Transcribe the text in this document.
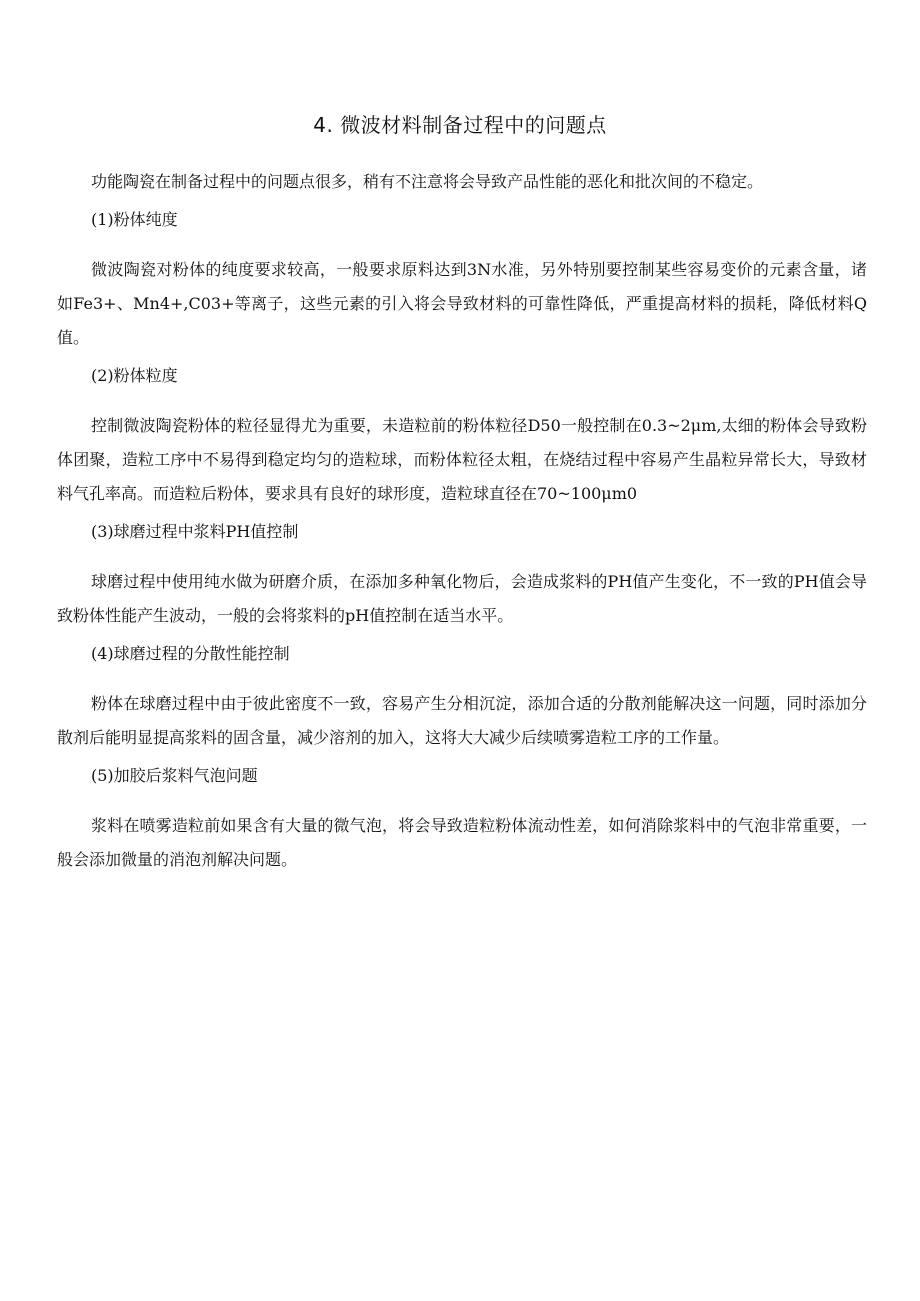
4. 微波材料制备过程中的问题点

功能陶瓷在制备过程中的问题点很多，稍有不注意将会导致产品性能的恶化和批次间的不稳定。

(1)粉体纯度

微波陶瓷对粉体的纯度要求较高，一般要求原料达到3N水准，另外特别要控制某些容易变价的元素含量，诸如Fe3+、Mn4+,C03+等离子，这些元素的引入将会导致材料的可靠性降低，严重提高材料的损耗，降低材料Q值。

(2)粉体粒度

控制微波陶瓷粉体的粒径显得尤为重要，未造粒前的粉体粒径D50一般控制在0.3~2μm,太细的粉体会导致粉体团聚，造粒工序中不易得到稳定均匀的造粒球，而粉体粒径太粗，在烧结过程中容易产生晶粒异常长大，导致材料气孔率高。而造粒后粉体，要求具有良好的球形度，造粒球直径在70~100μm0

(3)球磨过程中浆料PH值控制

球磨过程中使用纯水做为研磨介质，在添加多种氧化物后，会造成浆料的PH值产生变化，不一致的PH值会导致粉体性能产生波动，一般的会将浆料的pH值控制在适当水平。

(4)球磨过程的分散性能控制

粉体在球磨过程中由于彼此密度不一致，容易产生分相沉淀，添加合适的分散剂能解决这一问题，同时添加分散剂后能明显提高浆料的固含量，减少溶剂的加入，这将大大减少后续喷雾造粒工序的工作量。

(5)加胶后浆料气泡问题

浆料在喷雾造粒前如果含有大量的微气泡，将会导致造粒粉体流动性差，如何消除浆料中的气泡非常重要，一般会添加微量的消泡剂解决问题。
